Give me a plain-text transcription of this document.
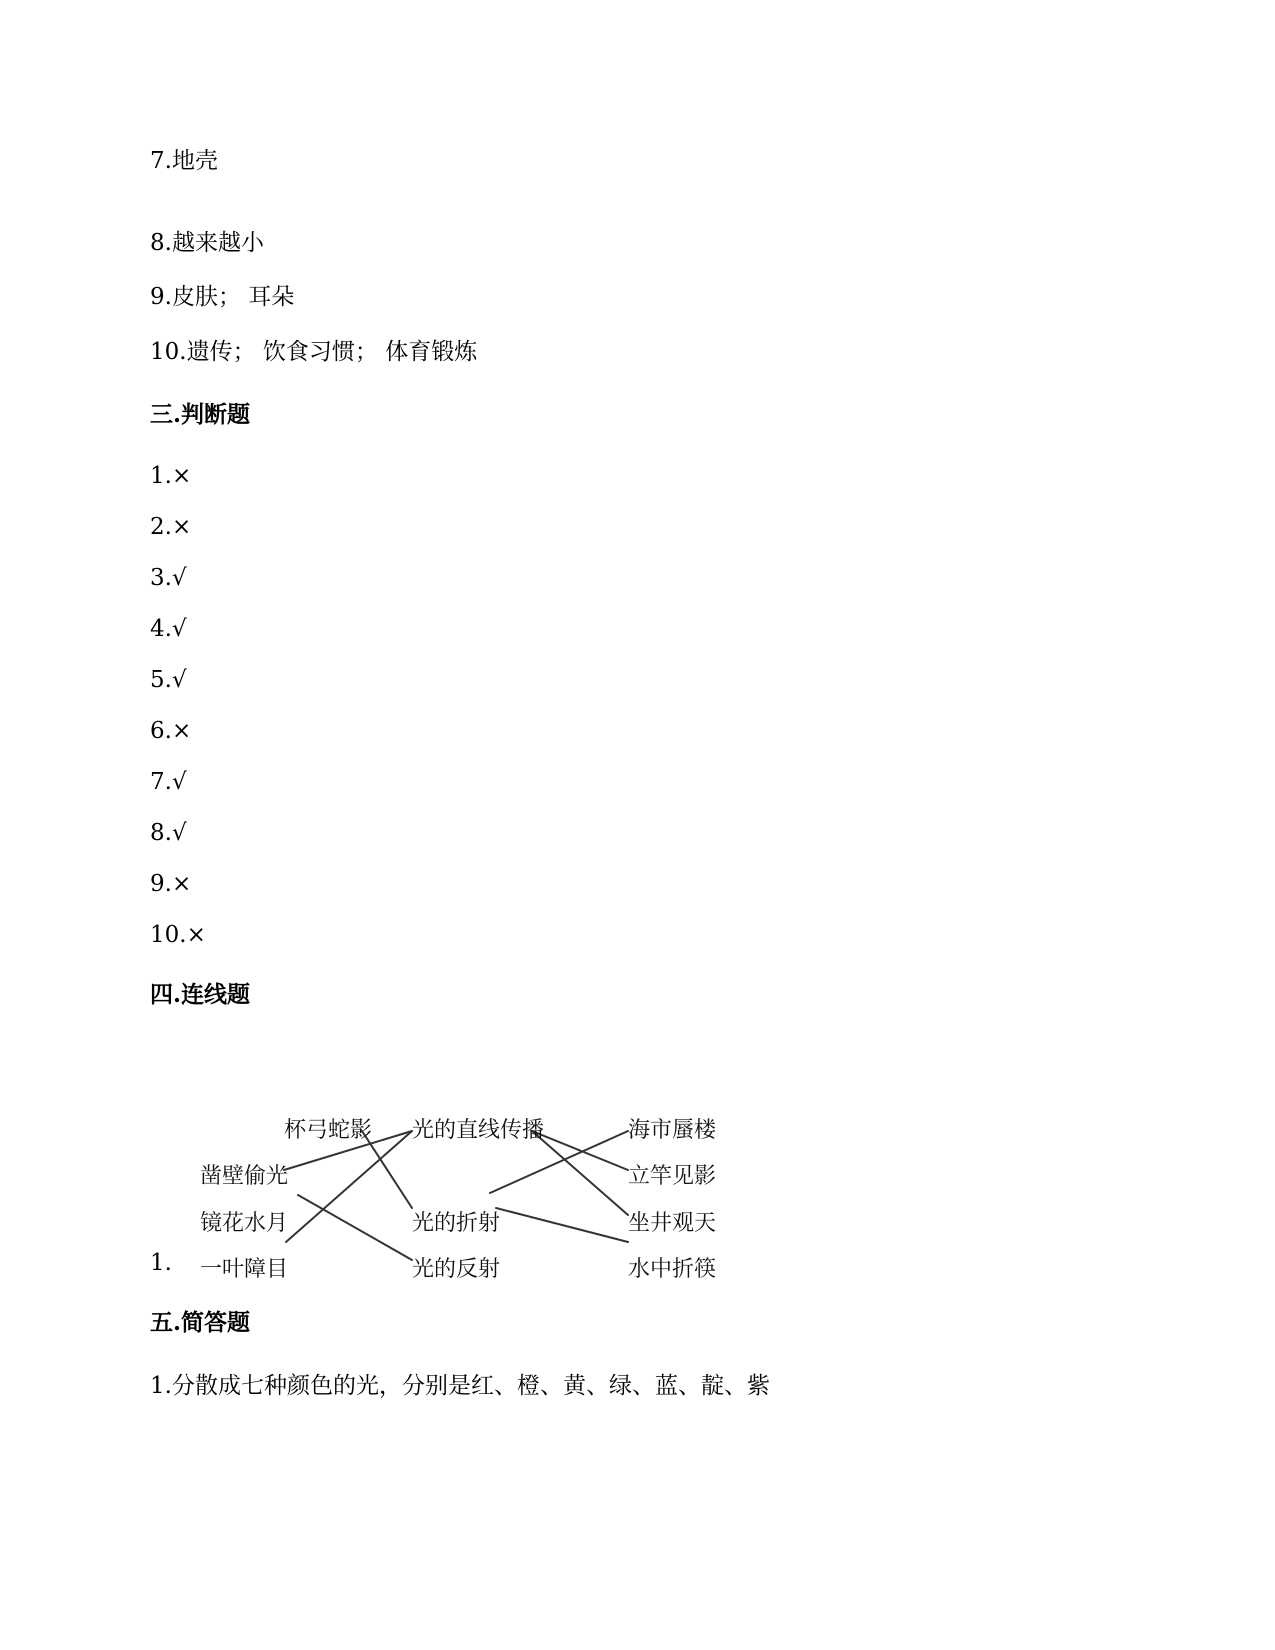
7.地壳
8.越来越小
9.皮肤； 耳朵
10.遗传； 饮食习惯； 体育锻炼
三.判断题
1.×
2.×
3.√
4.√
5.√
6.×
7.√
8.√
9.×
10.×
四.连线题
杯弓蛇影
凿壁偷光
镜花水月
一叶障目
光的直线传播
光的折射
光的反射
海市蜃楼
立竿见影
坐井观天
水中折筷
1.
五.简答题
1.分散成七种颜色的光，分别是红、橙、黄、绿、蓝、靛、紫
